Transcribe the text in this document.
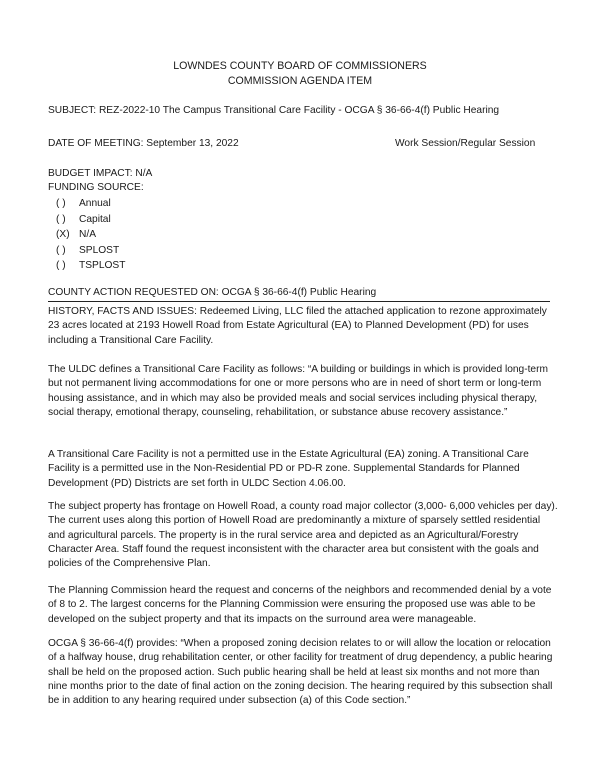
LOWNDES COUNTY BOARD OF COMMISSIONERS
COMMISSION AGENDA ITEM
SUBJECT: REZ-2022-10 The Campus Transitional Care Facility - OCGA § 36-66-4(f) Public Hearing
DATE OF MEETING: September 13, 2022	Work Session/Regular Session
BUDGET IMPACT: N/A
FUNDING SOURCE:
( )	Annual
( )	Capital
(X) N/A
( )	SPLOST
( )	TSPLOST
COUNTY ACTION REQUESTED ON: OCGA § 36-66-4(f) Public Hearing

HISTORY, FACTS AND ISSUES: Redeemed Living, LLC filed the attached application to rezone approximately 23 acres located at 2193 Howell Road from Estate Agricultural (EA) to Planned Development (PD) for uses including a Transitional Care Facility.

The ULDC defines a Transitional Care Facility as follows: “A building or buildings in which is provided long-term but not permanent living accommodations for one or more persons who are in need of short term or long-term housing assistance, and in which may also be provided meals and social services including physical therapy, social therapy, emotional therapy, counseling, rehabilitation, or substance abuse recovery assistance.”

A Transitional Care Facility is not a permitted use in the Estate Agricultural (EA) zoning. A Transitional Care Facility is a permitted use in the Non-Residential PD or PD-R zone. Supplemental Standards for Planned Development (PD) Districts are set forth in ULDC Section 4.06.00.

The subject property has frontage on Howell Road, a county road major collector (3,000- 6,000 vehicles per day). The current uses along this portion of Howell Road are predominantly a mixture of sparsely settled residential and agricultural parcels. The property is in the rural service area and depicted as an Agricultural/Forestry Character Area. Staff found the request inconsistent with the character area but consistent with the goals and policies of the Comprehensive Plan.

The Planning Commission heard the request and concerns of the neighbors and recommended denial by a vote of 8 to 2. The largest concerns for the Planning Commission were ensuring the proposed use was able to be developed on the subject property and that its impacts on the surround area were manageable.

OCGA § 36-66-4(f) provides: “When a proposed zoning decision relates to or will allow the location or relocation of a halfway house, drug rehabilitation center, or other facility for treatment of drug dependency, a public hearing shall be held on the proposed action. Such public hearing shall be held at least six months and not more than nine months prior to the date of final action on the zoning decision. The hearing required by this subsection shall be in addition to any hearing required under subsection (a) of this Code section.”
